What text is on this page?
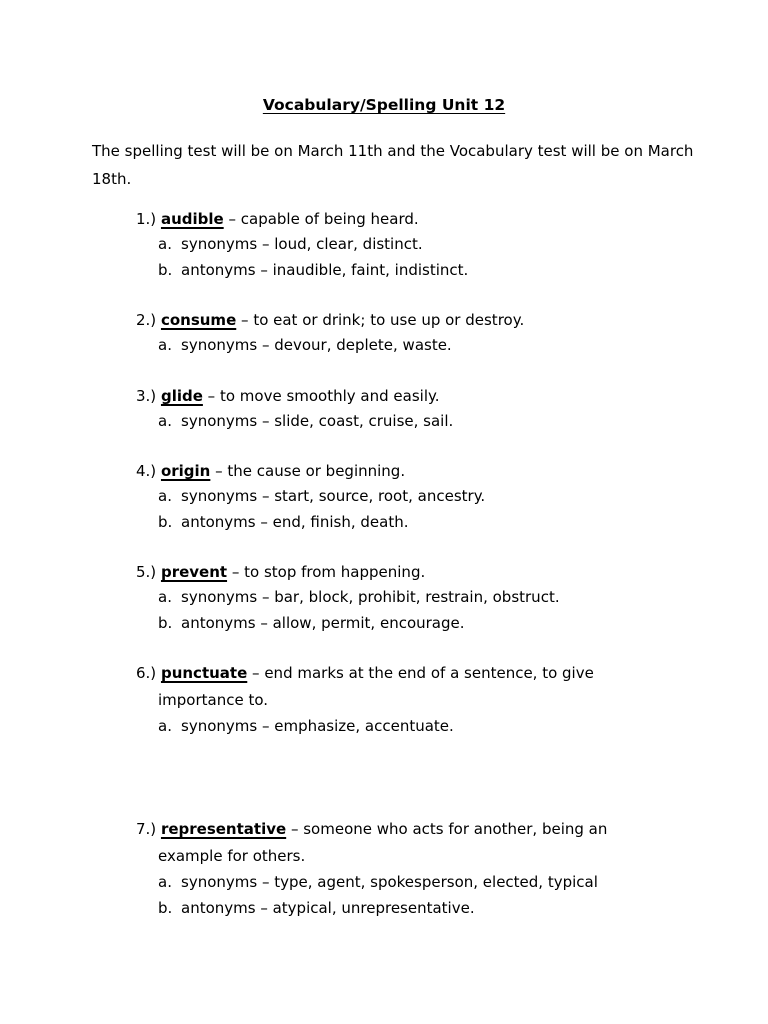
Vocabulary/Spelling Unit 12

The spelling test will be on March 11th and the Vocabulary test will be on March 18th.

1.) audible – capable of being heard.
a. synonyms – loud, clear, distinct.
b. antonyms – inaudible, faint, indistinct.
2.) consume – to eat or drink; to use up or destroy.
a. synonyms – devour, deplete, waste.
3.) glide – to move smoothly and easily.
a. synonyms – slide, coast, cruise, sail.
4.) origin – the cause or beginning.
a. synonyms – start, source, root, ancestry.
b. antonyms – end, finish, death.
5.) prevent – to stop from happening.
a. synonyms – bar, block, prohibit, restrain, obstruct.
b. antonyms – allow, permit, encourage.
6.) punctuate – end marks at the end of a sentence, to give
importance to.
a. synonyms – emphasize, accentuate.
7.) representative – someone who acts for another, being an
example for others.
a. synonyms – type, agent, spokesperson, elected, typical
b. antonyms – atypical, unrepresentative.
